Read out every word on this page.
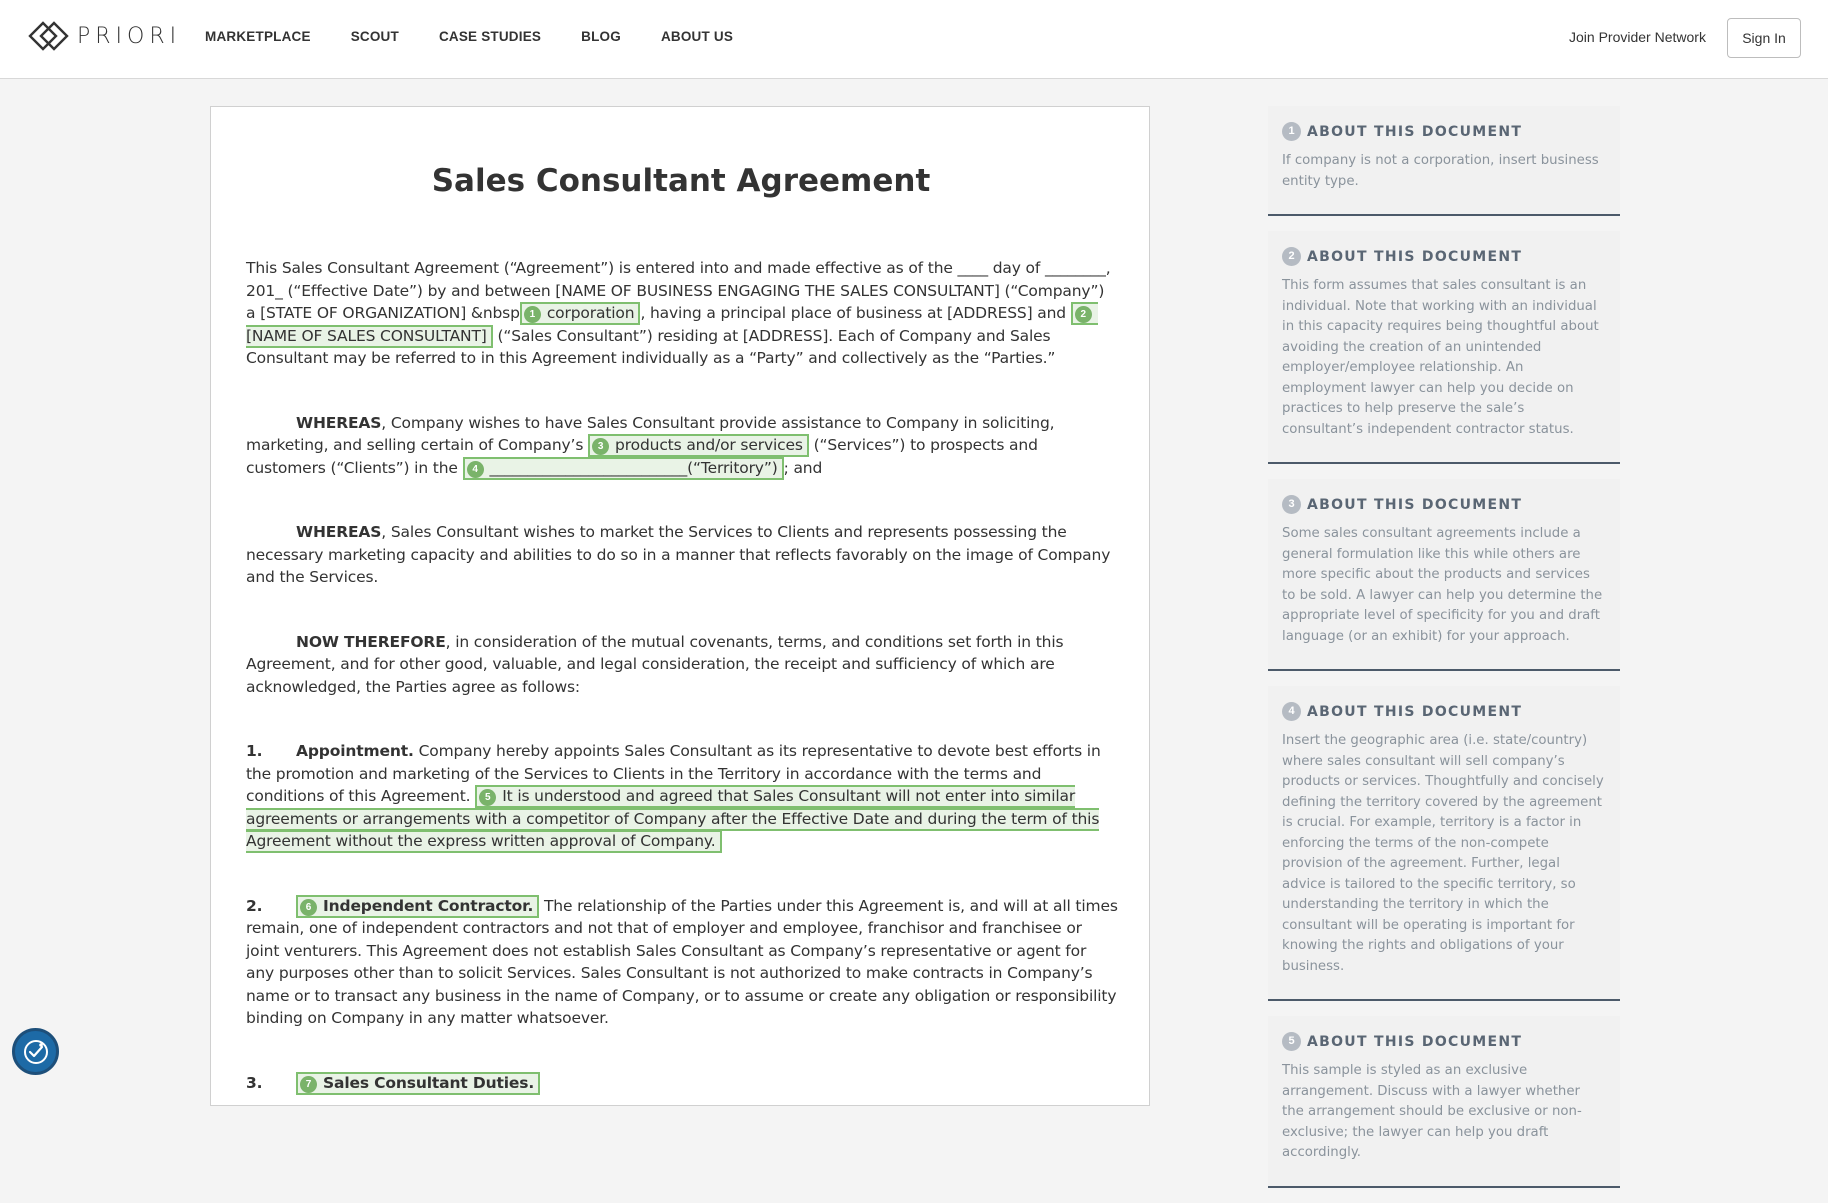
PRIORI MARKETPLACE	SCOUT	CASE STUDIES	BLOG	ABOUT US	Join Provider Network	Sign In
Sales Consultant Agreement

This Sales Consultant Agreement (“Agreement”) is entered into and made effective as of the ____ day of ________, 201_ (“Effective Date”) by and between [NAME OF BUSINESS ENGAGING THE SALES CONSULTANT] (“Company”) a [STATE OF ORGANIZATION] &nbsp 1 corporation , having a principal place of business at [ADDRESS] and 2[NAME OF SALES CONSULTANT] (“Sales Consultant”) residing at [ADDRESS]. Each of Company and Sales Consultant may be referred to in this Agreement individually as a “Party” and collectively as the “Parties.”

WHEREAS, Company wishes to have Sales Consultant provide assistance to Company in soliciting, marketing, and selling certain of Company’s 3 products and/or services (“Services”) to prospects and customers (“Clients”) in the 4 __________________________(“Territory”) ; and

WHEREAS, Sales Consultant wishes to market the Services to Clients and represents possessing the necessary marketing capacity and abilities to do so in a manner that reflects favorably on the image of Company and the Services.

NOW THEREFORE, in consideration of the mutual covenants, terms, and conditions set forth in this Agreement, and for other good, valuable, and legal consideration, the receipt and sufficiency of which are acknowledged, the Parties agree as follows:

1. Appointment. Company hereby appoints Sales Consultant as its representative to devote best efforts in the promotion and marketing of the Services to Clients in the Territory in accordance with the terms and conditions of this Agreement. 5 It is understood and agreed that Sales Consultant will not enter into similar agreements or arrangements with a competitor of Company after the Effective Date and during the term of this Agreement without the express written approval of Company.

2.	6 Independent Contractor. The relationship of the Parties under this Agreement is, and will at all times remain, one of independent contractors and not that of employer and employee, franchisor and franchisee or joint venturers. This Agreement does not establish Sales Consultant as Company’s representative or agent for any purposes other than to solicit Services. Sales Consultant is not authorized to make contracts in Company’s name or to transact any business in the name of Company, or to assume or create any obligation or responsibility binding on Company in any matter whatsoever.

3.	7 Sales Consultant Duties.

1 ABOUT THIS DOCUMENT
If company is not a corporation, insert business entity type.
2 ABOUT THIS DOCUMENT
This form assumes that sales consultant is an individual. Note that working with an individual in this capacity requires being thoughtful about avoiding the creation of an unintended employer/employee relationship. An employment lawyer can help you decide on practices to help preserve the sale’s consultant’s independent contractor status.
3 ABOUT THIS DOCUMENT
Some sales consultant agreements include a general formulation like this while others are more specific about the products and services to be sold. A lawyer can help you determine the appropriate level of specificity for you and draft language (or an exhibit) for your approach.
4 ABOUT THIS DOCUMENT
Insert the geographic area (i.e. state/country) where sales consultant will sell company’s products or services. Thoughtfully and concisely defining the territory covered by the agreement is crucial. For example, territory is a factor in enforcing the terms of the non-compete provision of the agreement. Further, legal advice is tailored to the specific territory, so understanding the territory in which the consultant will be operating is important for knowing the rights and obligations of your business.
5 ABOUT THIS DOCUMENT
This sample is styled as an exclusive arrangement. Discuss with a lawyer whether the arrangement should be exclusive or non-exclusive; the lawyer can help you draft accordingly.
